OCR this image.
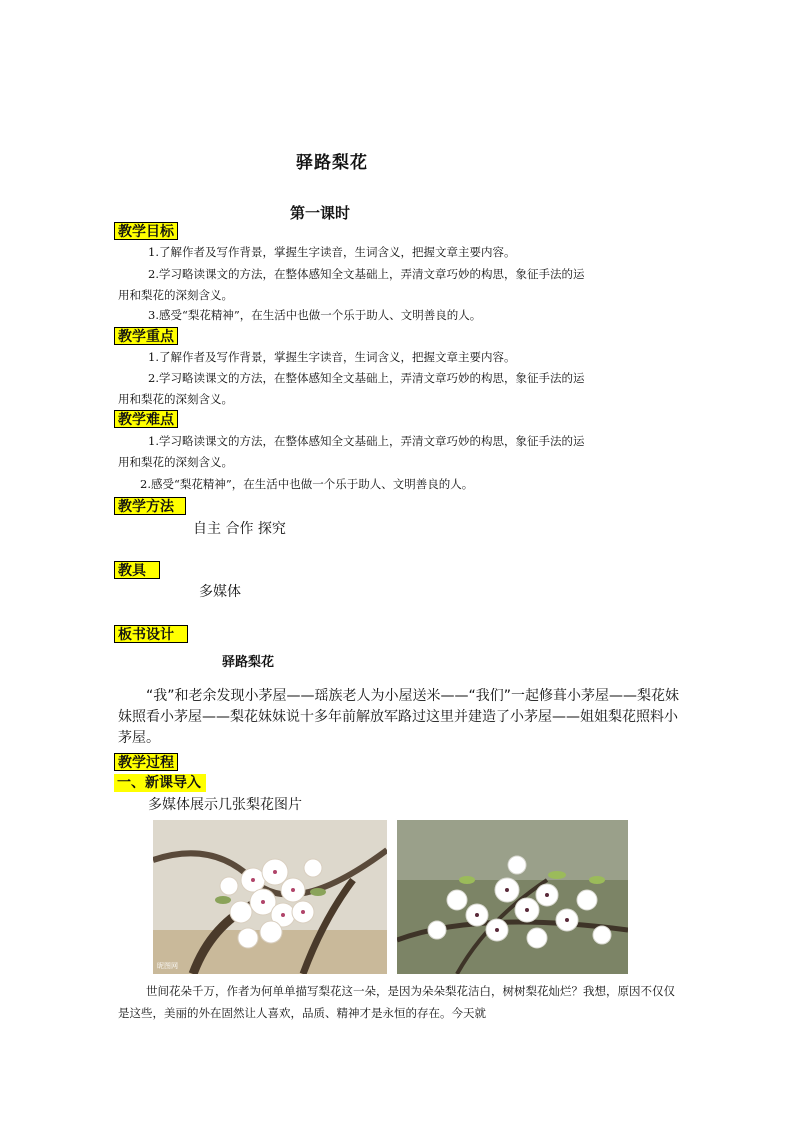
驿路梨花
第一课时
教学目标
1.了解作者及写作背景，掌握生字读音，生词含义，把握文章主要内容。
2.学习略读课文的方法，在整体感知全文基础上，弄清文章巧妙的构思，象征手法的运
用和梨花的深刻含义。
3.感受“梨花精神”，在生活中也做一个乐于助人、文明善良的人。
教学重点
1.了解作者及写作背景，掌握生字读音，生词含义，把握文章主要内容。
2.学习略读课文的方法，在整体感知全文基础上，弄清文章巧妙的构思，象征手法的运
用和梨花的深刻含义。
教学难点
1.学习略读课文的方法，在整体感知全文基础上，弄清文章巧妙的构思，象征手法的运
用和梨花的深刻含义。
2.感受“梨花精神”，在生活中也做一个乐于助人、文明善良的人。
教学方法
自主 合作 探究
教具
多媒体
板书设计
驿路梨花
“我”和老余发现小茅屋——瑶族老人为小屋送米——“我们”一起修葺小茅屋——梨花妹妹照看小茅屋——梨花妹妹说十多年前解放军路过这里并建造了小茅屋——姐姐梨花照料小茅屋。
教学过程
一、新课导入
多媒体展示几张梨花图片
昵图网
世间花朵千万，作者为何单单描写梨花这一朵，是因为朵朵梨花洁白，树树梨花灿烂？我想，原因不仅仅是这些，美丽的外在固然让人喜欢，品质、精神才是永恒的存在。今天就
